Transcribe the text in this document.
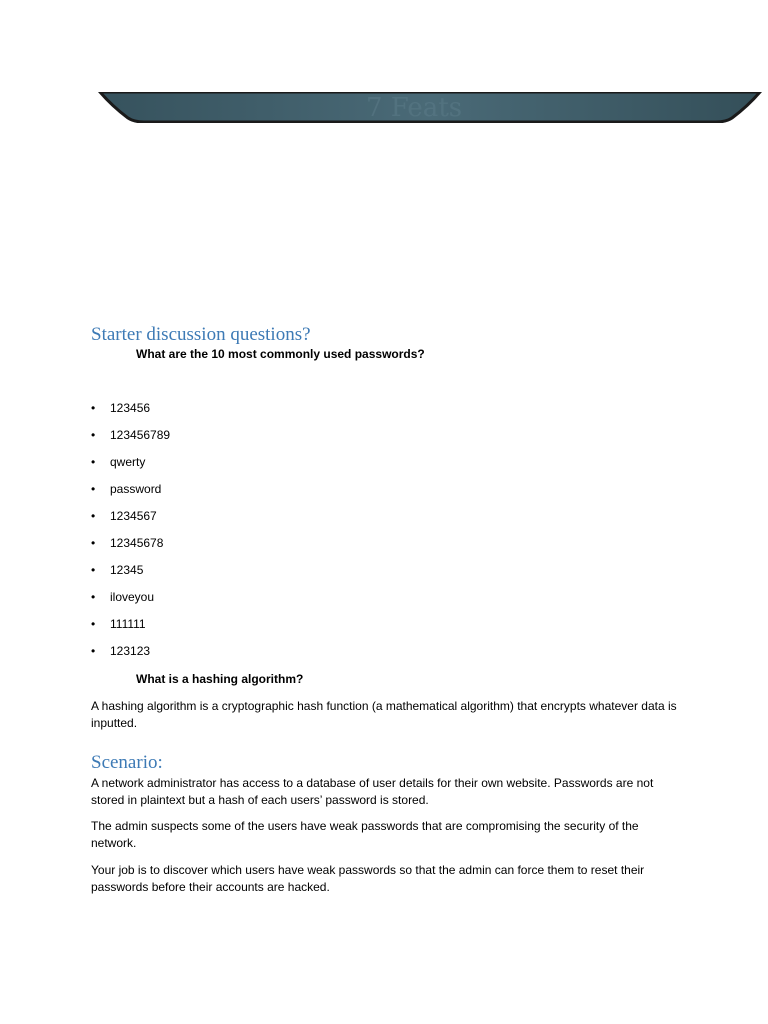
7 Feats
Starter discussion questions?

What are the 10 most commonly used passwords?

• 123456
• 123456789
• qwerty
• password
• 1234567
• 12345678
• 12345
• iloveyou
• 111111
• 123123

What is a hashing algorithm?

A hashing algorithm is a cryptographic hash function (a mathematical algorithm) that encrypts whatever data is inputted.

Scenario:

A network administrator has access to a database of user details for their own website. Passwords are not stored in plaintext but a hash of each users’ password is stored.

The admin suspects some of the users have weak passwords that are compromising the security of the network.

Your job is to discover which users have weak passwords so that the admin can force them to reset their passwords before their accounts are hacked.
